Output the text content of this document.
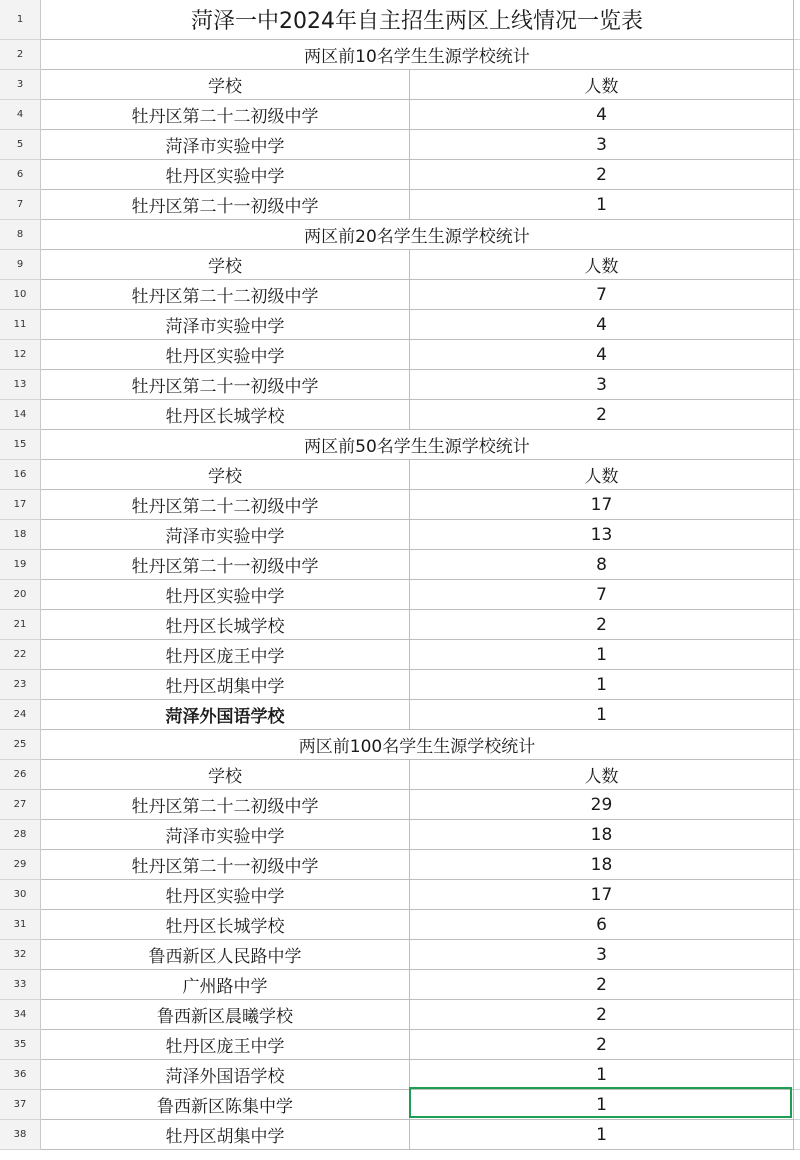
1	菏泽一中2024年自主招生两区上线情况一览表
2	两区前10名学生生源学校统计
3	学校	人数
4	牡丹区第二十二初级中学	4
5	菏泽市实验中学	3
6	牡丹区实验中学	2
7	牡丹区第二十一初级中学	1
8	两区前20名学生生源学校统计
9	学校	人数
10	牡丹区第二十二初级中学	7
11	菏泽市实验中学	4
12	牡丹区实验中学	4
13	牡丹区第二十一初级中学	3
14	牡丹区长城学校	2
15	两区前50名学生生源学校统计
16	学校	人数
17	牡丹区第二十二初级中学	17
18	菏泽市实验中学	13
19	牡丹区第二十一初级中学	8
20	牡丹区实验中学	7
21	牡丹区长城学校	2
22	牡丹区庞王中学	1
23	牡丹区胡集中学	1
24	菏泽外国语学校	1
25	两区前100名学生生源学校统计
26	学校	人数
27	牡丹区第二十二初级中学	29
28	菏泽市实验中学	18
29	牡丹区第二十一初级中学	18
30	牡丹区实验中学	17
31	牡丹区长城学校	6
32	鲁西新区人民路中学	3
33	广州路中学	2
34	鲁西新区晨曦学校	2
35	牡丹区庞王中学	2
36	菏泽外国语学校	1
37	鲁西新区陈集中学	1
38	牡丹区胡集中学	1
